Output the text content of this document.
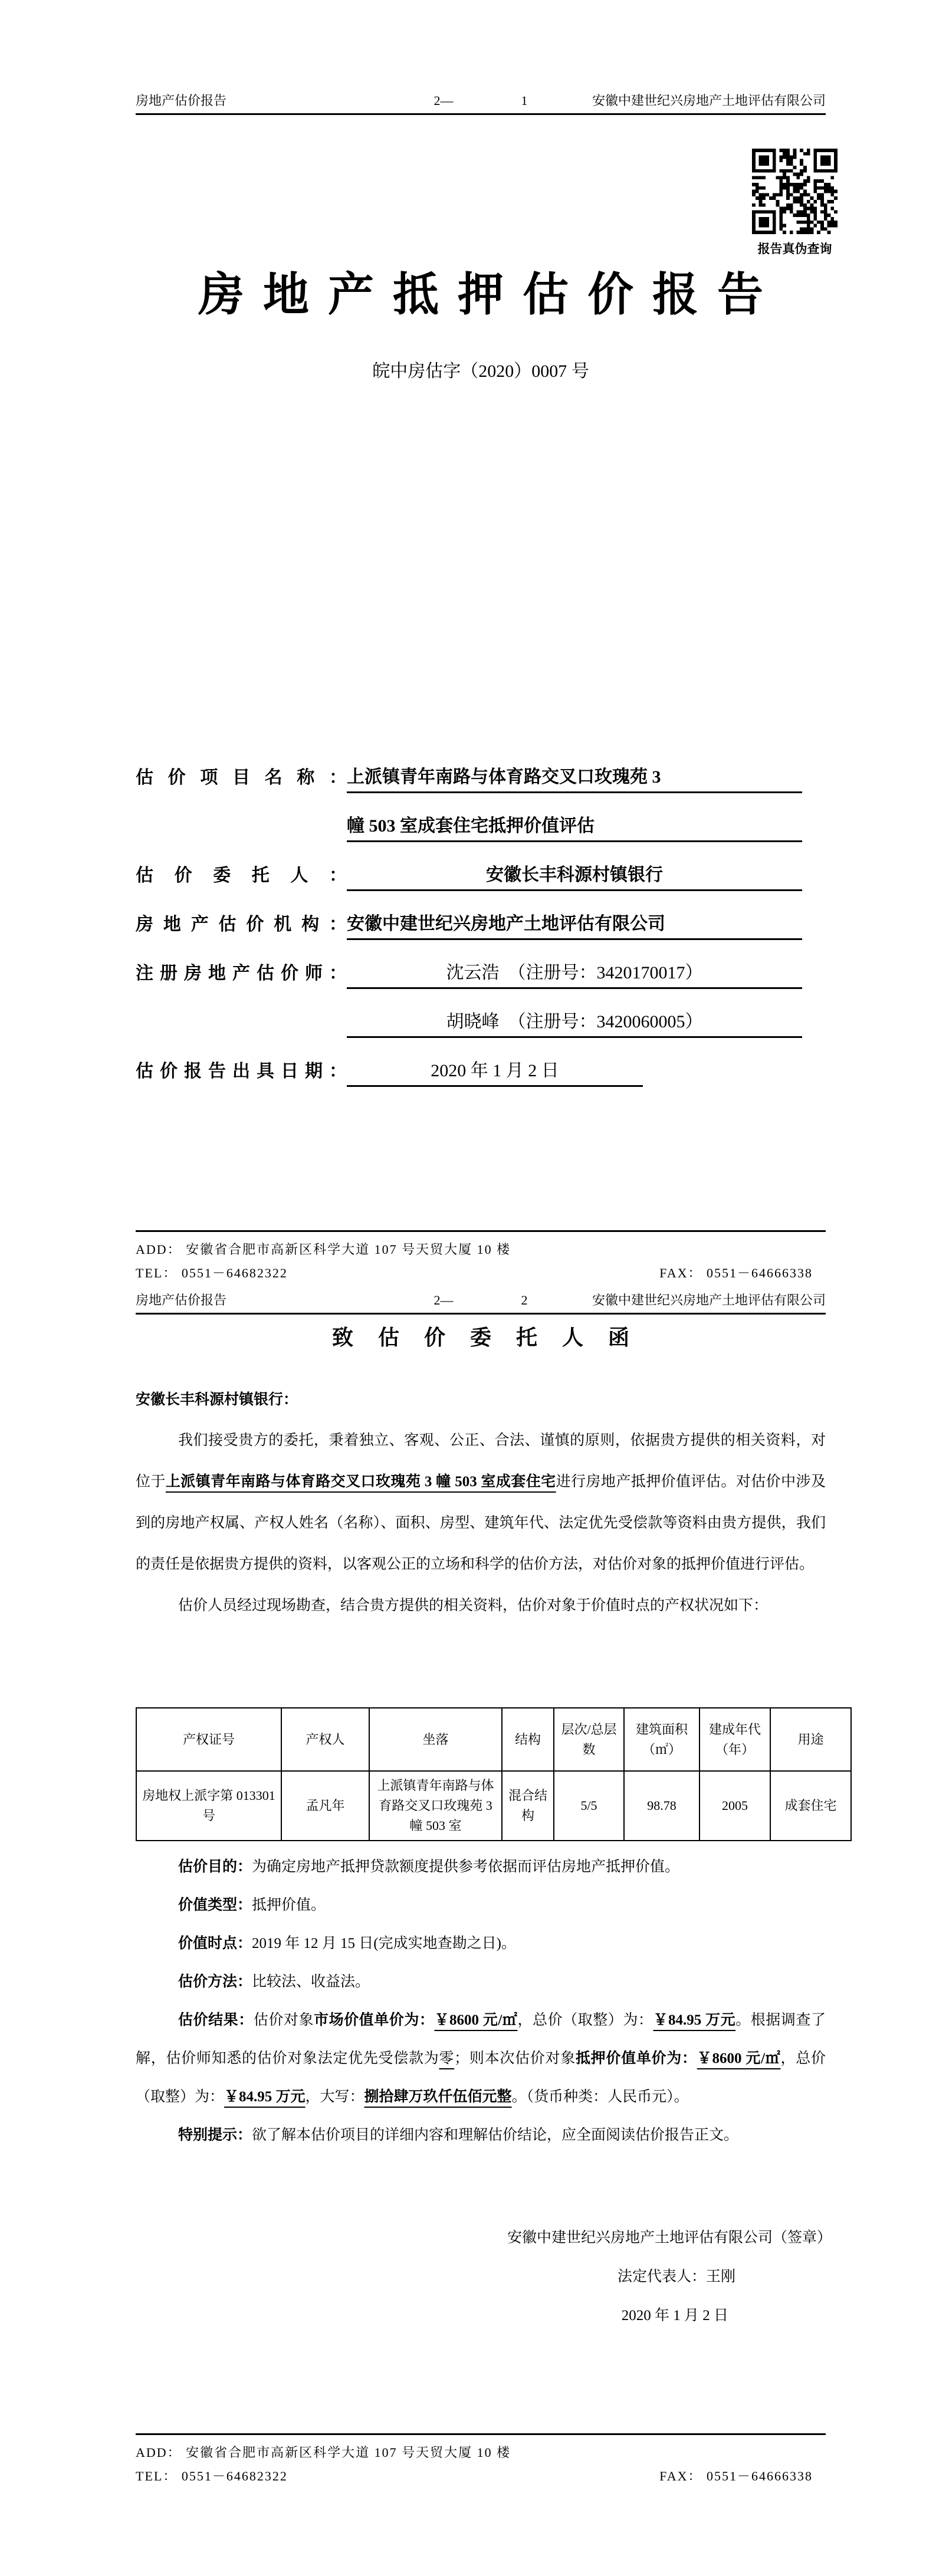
房地产估价报告	2—	1	安徽中建世纪兴房地产土地评估有限公司
报告真伪查询
房地产抵押估价报告
皖中房估字（2020）0007 号
估 价 项 目 名 称 ： 上派镇青年南路与体育路交叉口玫瑰苑 3
幢 503 室成套住宅抵押价值评估
估 价 委 托 人 ：	安徽长丰科源村镇银行
房 地 产 估 价 机 构 ： 安徽中建世纪兴房地产土地评估有限公司
注 册 房 地 产 估 价 师 ：	沈云浩　（注册号：3420170017）
胡晓峰　（注册号：3420060005）
估 价 报 告 出 具 日 期 ：	2020 年 1 月 2 日
ADD： 安徽省合肥市高新区科学大道 107 号天贸大厦 10 楼
TEL： 0551－64682322	FAX： 0551－64666338
房地产估价报告	2—	2	安徽中建世纪兴房地产土地评估有限公司
致估价委托人函

安徽长丰科源村镇银行：

我们接受贵方的委托，秉着独立、客观、公正、合法、谨慎的原则，依据贵方提供的相关资料，对位于上派镇青年南路与体育路交叉口玫瑰苑 3 幢 503 室成套住宅进行房地产抵押价值评估。对估价中涉及到的房地产权属、产权人姓名（名称）、面积、房型、建筑年代、法定优先受偿款等资料由贵方提供，我们的责任是依据贵方提供的资料，以客观公正的立场和科学的估价方法，对估价对象的抵押价值进行评估。

估价人员经过现场勘查，结合贵方提供的相关资料，估价对象于价值时点的产权状况如下：

产权证号	产权人	坐落	结构	层次/总层数	建筑面积（㎡）	建成年代（年）	用途
房地权上派字第 013301 号	孟凡年	上派镇青年南路与体育路交叉口玫瑰苑 3 幢 503 室	混合结构	5/5	98.78	2005	成套住宅

估价目的：为确定房地产抵押贷款额度提供参考依据而评估房地产抵押价值。

价值类型：抵押价值。

价值时点：2019 年 12 月 15 日(完成实地查勘之日)。

估价方法：比较法、收益法。

估价结果：估价对象市场价值单价为：￥8600 元/㎡，总价（取整）为：￥84.95 万元。根据调查了解，估价师知悉的估价对象法定优先受偿款为零；则本次估价对象抵押价值单价为：￥8600 元/㎡，总价（取整）为：￥84.95 万元，大写：捌拾肆万玖仟伍佰元整。（货币种类：人民币元）。

特别提示：欲了解本估价项目的详细内容和理解估价结论，应全面阅读估价报告正文。

安徽中建世纪兴房地产土地评估有限公司（签章）
法定代表人：王刚
2020 年 1 月 2 日
ADD： 安徽省合肥市高新区科学大道 107 号天贸大厦 10 楼
TEL： 0551－64682322	FAX： 0551－64666338
